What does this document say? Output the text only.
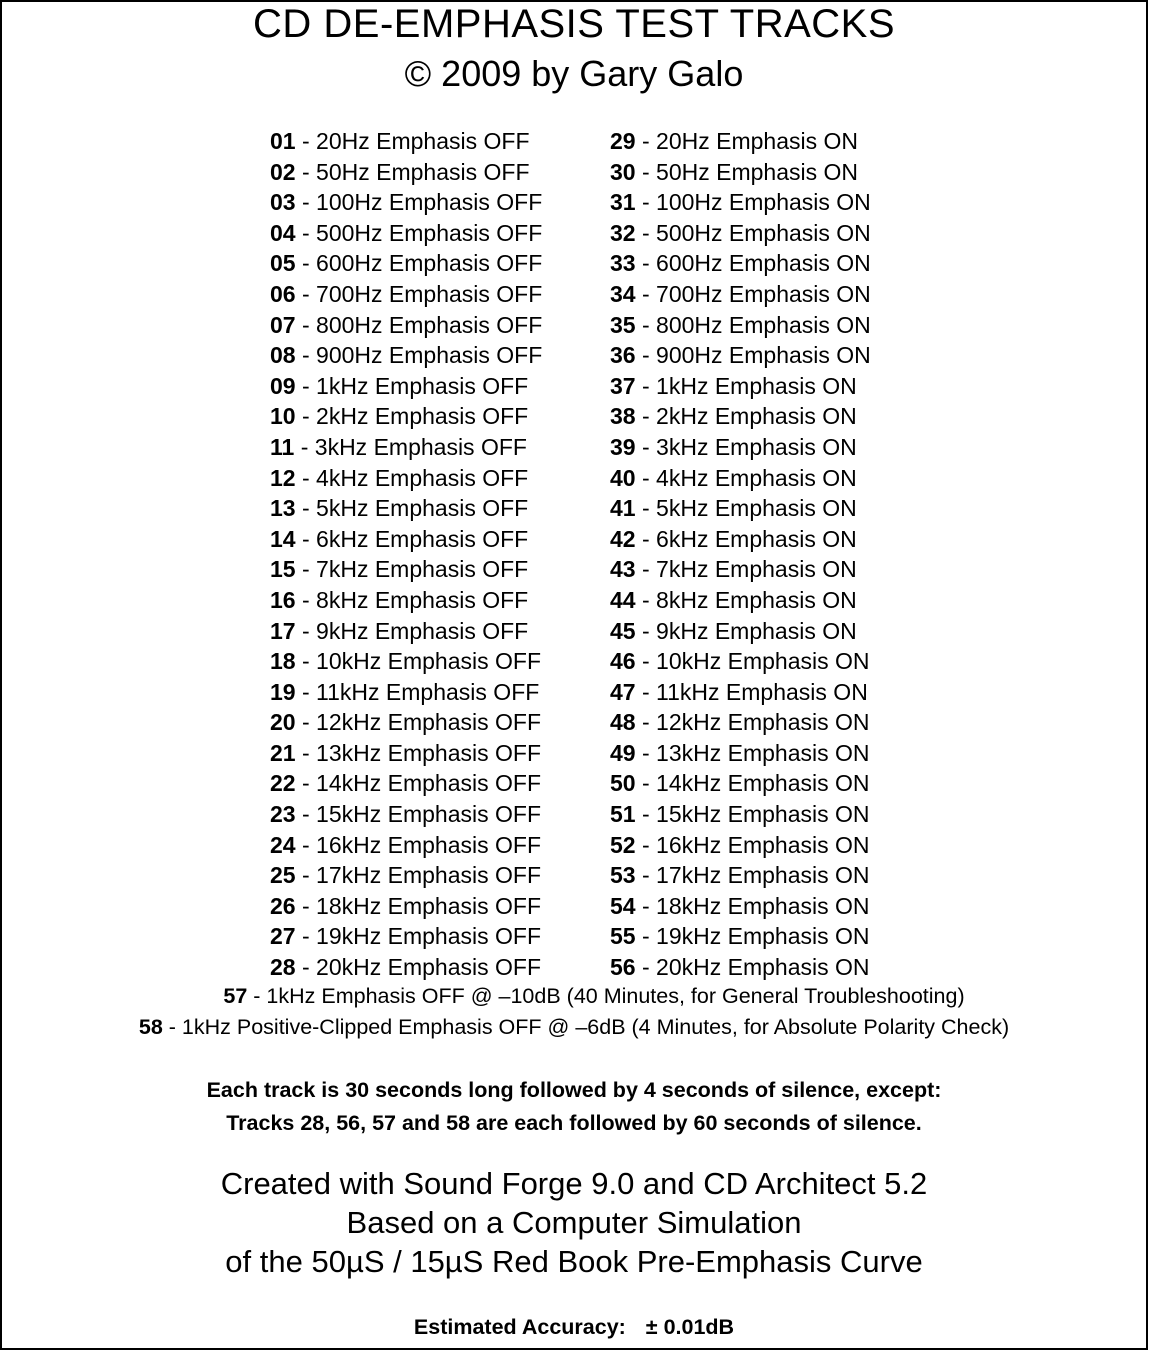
CD DE-EMPHASIS TEST TRACKS
© 2009 by Gary Galo
01 - 20Hz Emphasis OFF
02 - 50Hz Emphasis OFF
03 - 100Hz Emphasis OFF
04 - 500Hz Emphasis OFF
05 - 600Hz Emphasis OFF
06 - 700Hz Emphasis OFF
07 - 800Hz Emphasis OFF
08 - 900Hz Emphasis OFF
09 - 1kHz Emphasis OFF
10 - 2kHz Emphasis OFF
11 - 3kHz Emphasis OFF
12 - 4kHz Emphasis OFF
13 - 5kHz Emphasis OFF
14 - 6kHz Emphasis OFF
15 - 7kHz Emphasis OFF
16 - 8kHz Emphasis OFF
17 - 9kHz Emphasis OFF
18 - 10kHz Emphasis OFF
19 - 11kHz Emphasis OFF
20 - 12kHz Emphasis OFF
21 - 13kHz Emphasis OFF
22 - 14kHz Emphasis OFF
23 - 15kHz Emphasis OFF
24 - 16kHz Emphasis OFF
25 - 17kHz Emphasis OFF
26 - 18kHz Emphasis OFF
27 - 19kHz Emphasis OFF
28 - 20kHz Emphasis OFF
29 - 20Hz Emphasis ON
30 - 50Hz Emphasis ON
31 - 100Hz Emphasis ON
32 - 500Hz Emphasis ON
33 - 600Hz Emphasis ON
34 - 700Hz Emphasis ON
35 - 800Hz Emphasis ON
36 - 900Hz Emphasis ON
37 - 1kHz Emphasis ON
38 - 2kHz Emphasis ON
39 - 3kHz Emphasis ON
40 - 4kHz Emphasis ON
41 - 5kHz Emphasis ON
42 - 6kHz Emphasis ON
43 - 7kHz Emphasis ON
44 - 8kHz Emphasis ON
45 - 9kHz Emphasis ON
46 - 10kHz Emphasis ON
47 - 11kHz Emphasis ON
48 - 12kHz Emphasis ON
49 - 13kHz Emphasis ON
50 - 14kHz Emphasis ON
51 - 15kHz Emphasis ON
52 - 16kHz Emphasis ON
53 - 17kHz Emphasis ON
54 - 18kHz Emphasis ON
55 - 19kHz Emphasis ON
56 - 20kHz Emphasis ON
57 - 1kHz Emphasis OFF @ –10dB (40 Minutes, for General Troubleshooting)
58 - 1kHz Positive-Clipped Emphasis OFF @ –6dB (4 Minutes, for Absolute Polarity Check)
Each track is 30 seconds long followed by 4 seconds of silence, except:
Tracks 28, 56, 57 and 58 are each followed by 60 seconds of silence.
Created with Sound Forge 9.0 and CD Architect 5.2
Based on a Computer Simulation
of the 50µS / 15µS Red Book Pre-Emphasis Curve
Estimated Accuracy: ± 0.01dB
